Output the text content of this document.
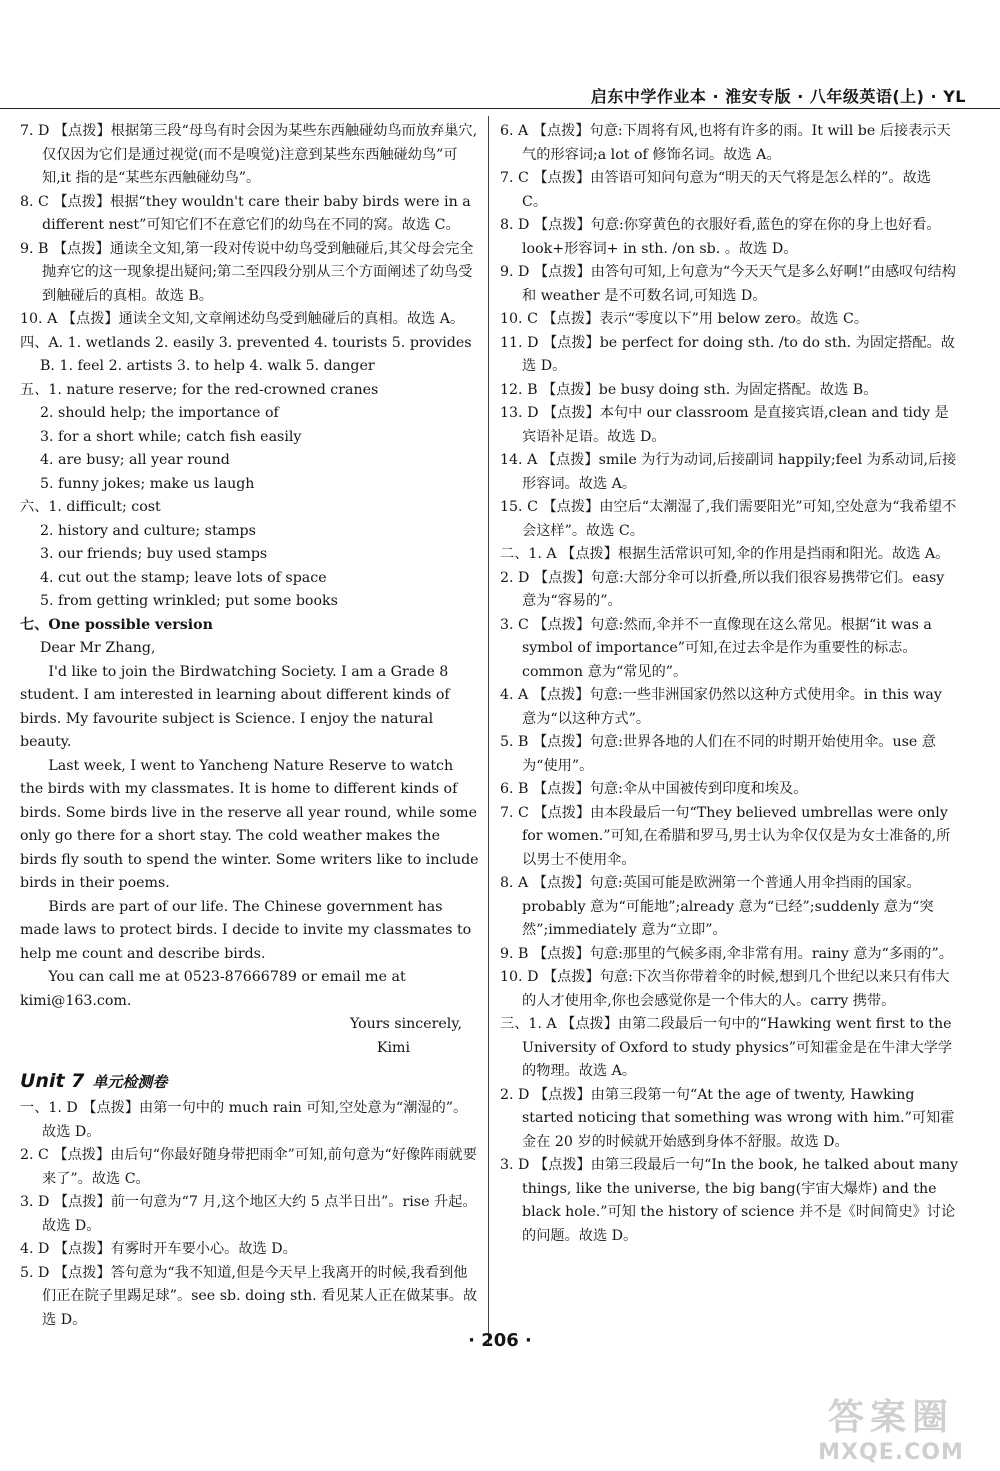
启东中学作业本 · 淮安专版 · 八年级英语(上) · YL
7. D 【点拨】根据第三段“母鸟有时会因为某些东西触碰幼鸟而放弃巢穴,仅仅因为它们是通过视觉(而不是嗅觉)注意到某些东西触碰幼鸟”可知,it 指的是“某些东西触碰幼鸟”。
8. C 【点拨】根据“they wouldn't care their baby birds were in a different nest”可知它们不在意它们的幼鸟在不同的窝。故选 C。
9. B 【点拨】通读全文知,第一段对传说中幼鸟受到触碰后,其父母会完全抛弃它的这一现象提出疑问;第二至四段分别从三个方面阐述了幼鸟受到触碰后的真相。故选 B。
10. A 【点拨】通读全文知,文章阐述幼鸟受到触碰后的真相。故选 A。
四、A. 1. wetlands 2. easily 3. prevented 4. tourists 5. provides
B. 1. feel 2. artists 3. to help 4. walk 5. danger
五、1. nature reserve; for the red-crowned cranes
2. should help; the importance of
3. for a short while; catch fish easily
4. are busy; all year round
5. funny jokes; make us laugh
六、1. difficult; cost
2. history and culture; stamps
3. our friends; buy used stamps
4. cut out the stamp; leave lots of space
5. from getting wrinkled; put some books
七、One possible version
Dear Mr Zhang,
I'd like to join the Birdwatching Society. I am a Grade 8 student. I am interested in learning about different kinds of birds. My favourite subject is Science. I enjoy the natural beauty.
Last week, I went to Yancheng Nature Reserve to watch the birds with my classmates. It is home to different kinds of birds. Some birds live in the reserve all year round, while some only go there for a short stay. The cold weather makes the birds fly south to spend the winter. Some writers like to include birds in their poems.
Birds are part of our life. The Chinese government has made laws to protect birds. I decide to invite my classmates to help me count and describe birds.
You can call me at 0523-87666789 or email me at kimi@163.com.
Yours sincerely,
Kimi
Unit 7 单元检测卷
一、1. D 【点拨】由第一句中的 much rain 可知,空处意为“潮湿的”。故选 D。
2. C 【点拨】由后句“你最好随身带把雨伞”可知,前句意为“好像阵雨就要来了”。故选 C。
3. D 【点拨】前一句意为“7 月,这个地区大约 5 点半日出”。rise 升起。故选 D。
4. D 【点拨】有雾时开车要小心。故选 D。
5. D 【点拨】答句意为“我不知道,但是今天早上我离开的时候,我看到他们正在院子里踢足球”。see sb. doing sth. 看见某人正在做某事。故选 D。
6. A 【点拨】句意:下周将有风,也将有许多的雨。It will be 后接表示天气的形容词;a lot of 修饰名词。故选 A。
7. C 【点拨】由答语可知问句意为“明天的天气将是怎么样的”。故选 C。
8. D 【点拨】句意:你穿黄色的衣服好看,蓝色的穿在你的身上也好看。look+形容词+ in sth. /on sb. 。故选 D。
9. D 【点拨】由答句可知,上句意为“今天天气是多么好啊!”由感叹句结构和 weather 是不可数名词,可知选 D。
10. C 【点拨】表示“零度以下”用 below zero。故选 C。
11. D 【点拨】be perfect for doing sth. /to do sth. 为固定搭配。故选 D。
12. B 【点拨】be busy doing sth. 为固定搭配。故选 B。
13. D 【点拨】本句中 our classroom 是直接宾语,clean and tidy 是宾语补足语。故选 D。
14. A 【点拨】smile 为行为动词,后接副词 happily;feel 为系动词,后接形容词。故选 A。
15. C 【点拨】由空后“太潮湿了,我们需要阳光”可知,空处意为“我希望不会这样”。故选 C。
二、1. A 【点拨】根据生活常识可知,伞的作用是挡雨和阳光。故选 A。
2. D 【点拨】句意:大部分伞可以折叠,所以我们很容易携带它们。easy 意为“容易的”。
3. C 【点拨】句意:然而,伞并不一直像现在这么常见。根据“it was a symbol of importance”可知,在过去伞是作为重要性的标志。common 意为“常见的”。
4. A 【点拨】句意:一些非洲国家仍然以这种方式使用伞。in this way 意为“以这种方式”。
5. B 【点拨】句意:世界各地的人们在不同的时期开始使用伞。use 意为“使用”。
6. B 【点拨】句意:伞从中国被传到印度和埃及。
7. C 【点拨】由本段最后一句“They believed umbrellas were only for women.”可知,在希腊和罗马,男士认为伞仅仅是为女士准备的,所以男士不使用伞。
8. A 【点拨】句意:英国可能是欧洲第一个普通人用伞挡雨的国家。probably 意为“可能地”;already 意为“已经”;suddenly 意为“突然”;immediately 意为“立即”。
9. B 【点拨】句意:那里的气候多雨,伞非常有用。rainy 意为“多雨的”。
10. D 【点拨】句意:下次当你带着伞的时候,想到几个世纪以来只有伟大的人才使用伞,你也会感觉你是一个伟大的人。carry 携带。
三、1. A 【点拨】由第二段最后一句中的“Hawking went first to the University of Oxford to study physics”可知霍金是在牛津大学学的物理。故选 A。
2. D 【点拨】由第三段第一句“At the age of twenty, Hawking started noticing that something was wrong with him.”可知霍金在 20 岁的时候就开始感到身体不舒服。故选 D。
3. D 【点拨】由第三段最后一句“In the book, he talked about many things, like the universe, the big bang(宇宙大爆炸) and the black hole.”可知 the history of science 并不是《时间简史》讨论的问题。故选 D。
· 206 ·
答案圈
MXQE.COM
